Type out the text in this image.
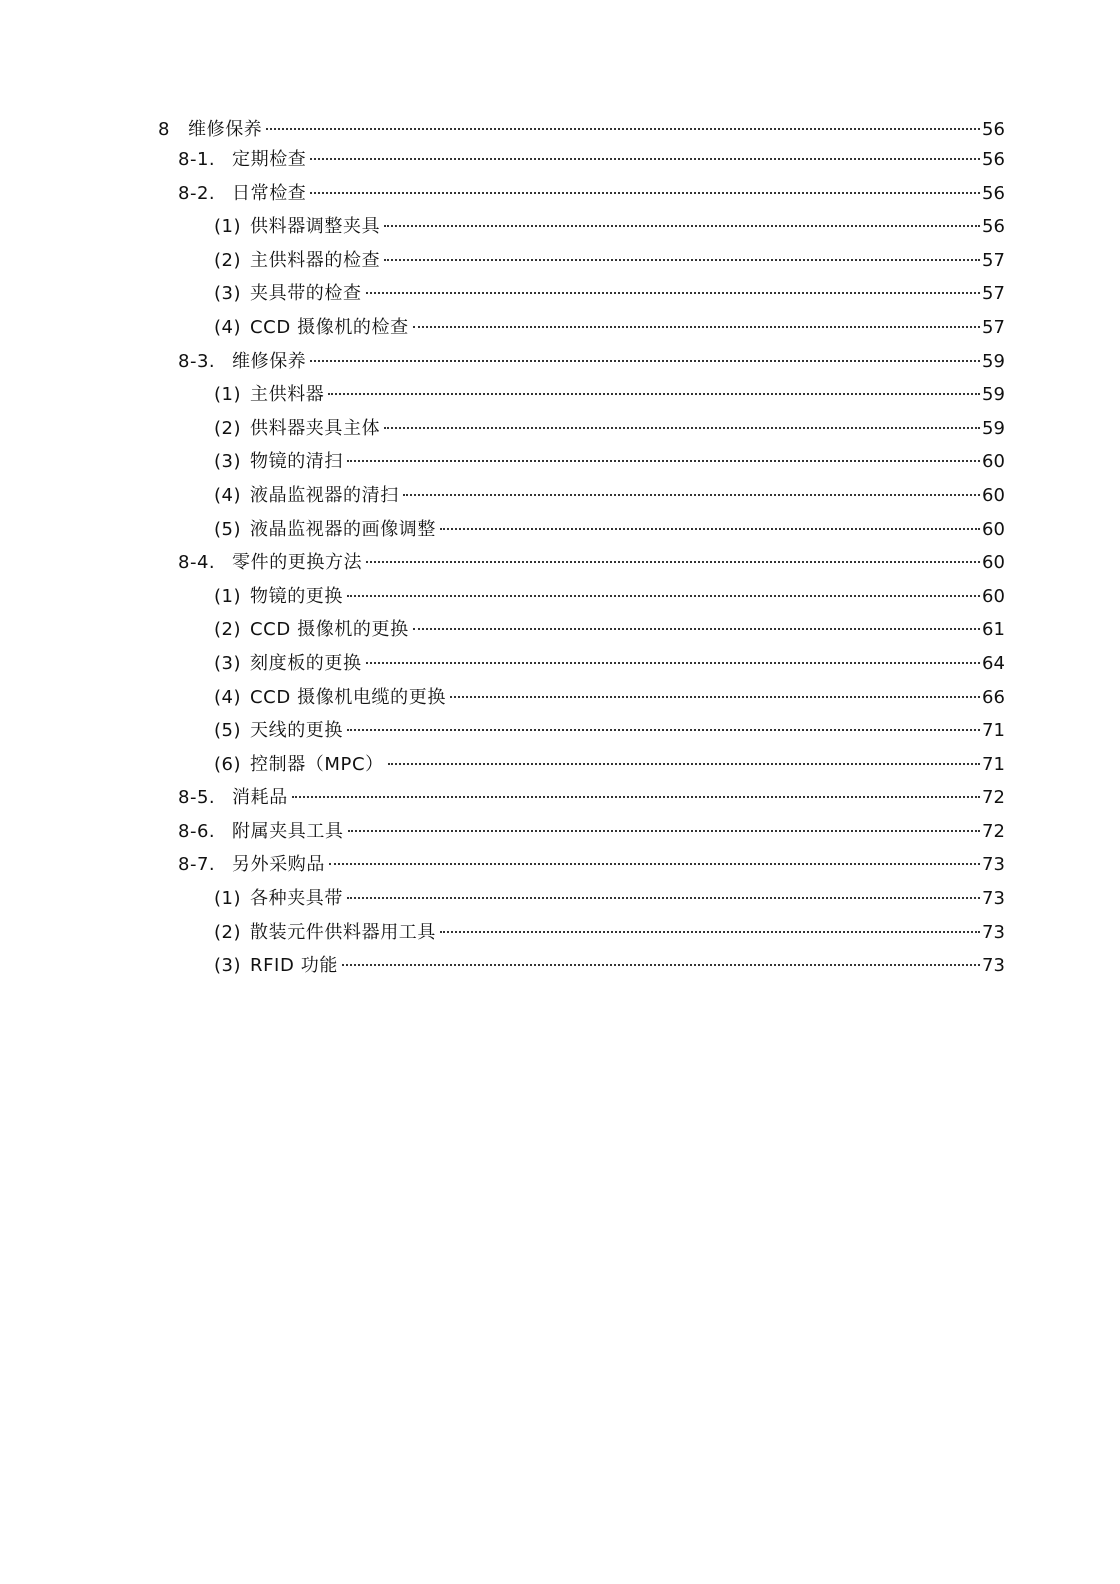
8	维修保养	56
8-1. 定期检查	56
8-2. 日常检查	56
(1) 供料器调整夹具	56
(2) 主供料器的检查	57
(3) 夹具带的检查	57
(4) CCD 摄像机的检查	57
8-3. 维修保养	59
(1) 主供料器	59
(2) 供料器夹具主体	59
(3) 物镜的清扫	60
(4) 液晶监视器的清扫	60
(5) 液晶监视器的画像调整	60
8-4. 零件的更换方法	60
(1) 物镜的更换	60
(2) CCD 摄像机的更换	61
(3) 刻度板的更换	64
(4) CCD 摄像机电缆的更换	66
(5) 天线的更换	71
(6) 控制器（MPC）	71
8-5. 消耗品	72
8-6. 附属夹具工具	72
8-7. 另外采购品	73
(1) 各种夹具带	73
(2) 散装元件供料器用工具	73
(3) RFID 功能	73
